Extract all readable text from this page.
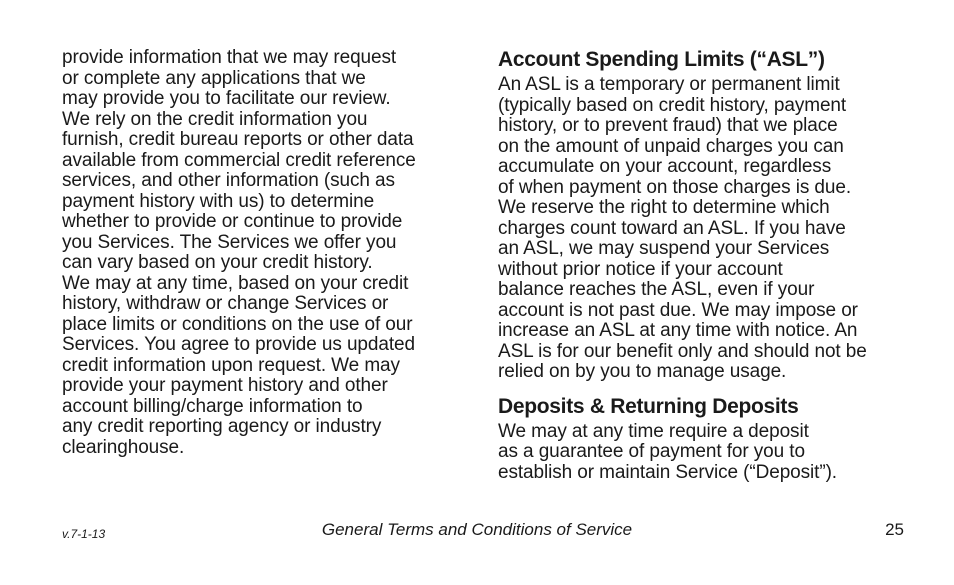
provide information that we may request
or complete any applications that we
may provide you to facilitate our review.
We rely on the credit information you
furnish, credit bureau reports or other data
available from commercial credit reference
services, and other information (such as
payment history with us) to determine
whether to provide or continue to provide
you Services. The Services we offer you
can vary based on your credit history.
We may at any time, based on your credit
history, withdraw or change Services or
place limits or conditions on the use of our
Services. You agree to provide us updated
credit information upon request. We may
provide your payment history and other
account billing/charge information to
any credit reporting agency or industry
clearinghouse.
Account Spending Limits (“ASL”)
An ASL is a temporary or permanent limit
(typically based on credit history, payment
history, or to prevent fraud) that we place
on the amount of unpaid charges you can
accumulate on your account, regardless
of when payment on those charges is due.
We reserve the right to determine which
charges count toward an ASL. If you have
an ASL, we may suspend your Services
without prior notice if your account
balance reaches the ASL, even if your
account is not past due. We may impose or
increase an ASL at any time with notice. An
ASL is for our benefit only and should not be
relied on by you to manage usage.
Deposits & Returning Deposits
We may at any time require a deposit
as a guarantee of payment for you to
establish or maintain Service (“Deposit”).
v.7-1-13	General Terms and Conditions of Service	25
